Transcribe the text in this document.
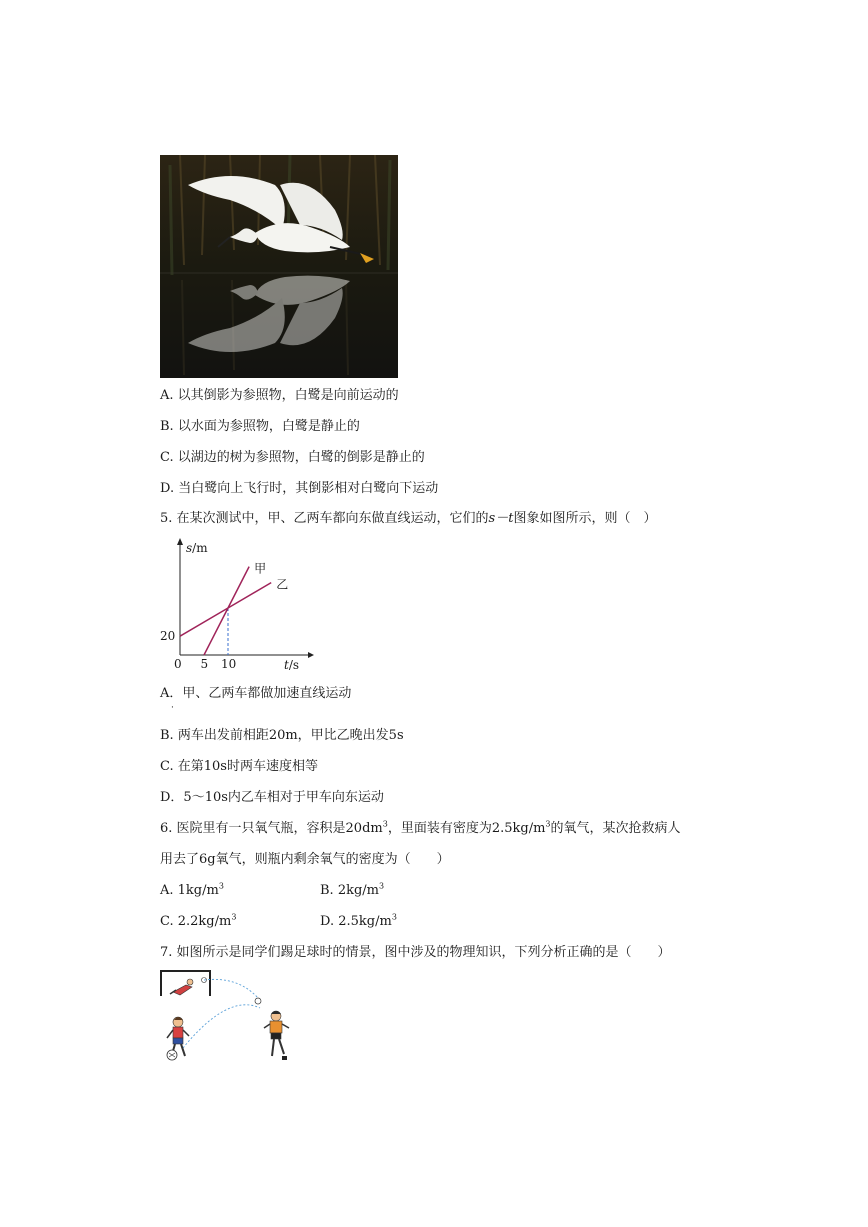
A. 以其倒影为参照物，白鹭是向前运动的
B. 以水面为参照物，白鹭是静止的
C. 以湖边的树为参照物，白鹭的倒影是静止的
D. 当白鹭向上飞行时，其倒影相对白鹭向下运动
5. 在某次测试中，甲、乙两车都向东做直线运动，它们的s－t图象如图所示，则（　）
s/m
t/s
0 5 10
20
甲
乙
A．甲、乙两车都做加速直线运动
·
B. 两车出发前相距20m，甲比乙晚出发5s
C. 在第10s时两车速度相等
D．5～10s内乙车相对于甲车向东运动
6. 医院里有一只氧气瓶，容积是$20dm^3$，里面装有密度为$2.5kg/m^3$的氧气，某次抢救病人
用去了6g氧气，则瓶内剩余氧气的密度为（　　）
A. $1kg/m^3$	B. $2kg/m^3$
C. $2.2kg/m^3$	D. $2.5kg/m^3$
7. 如图所示是同学们踢足球时的情景，图中涉及的物理知识，下列分析正确的是（　　）
